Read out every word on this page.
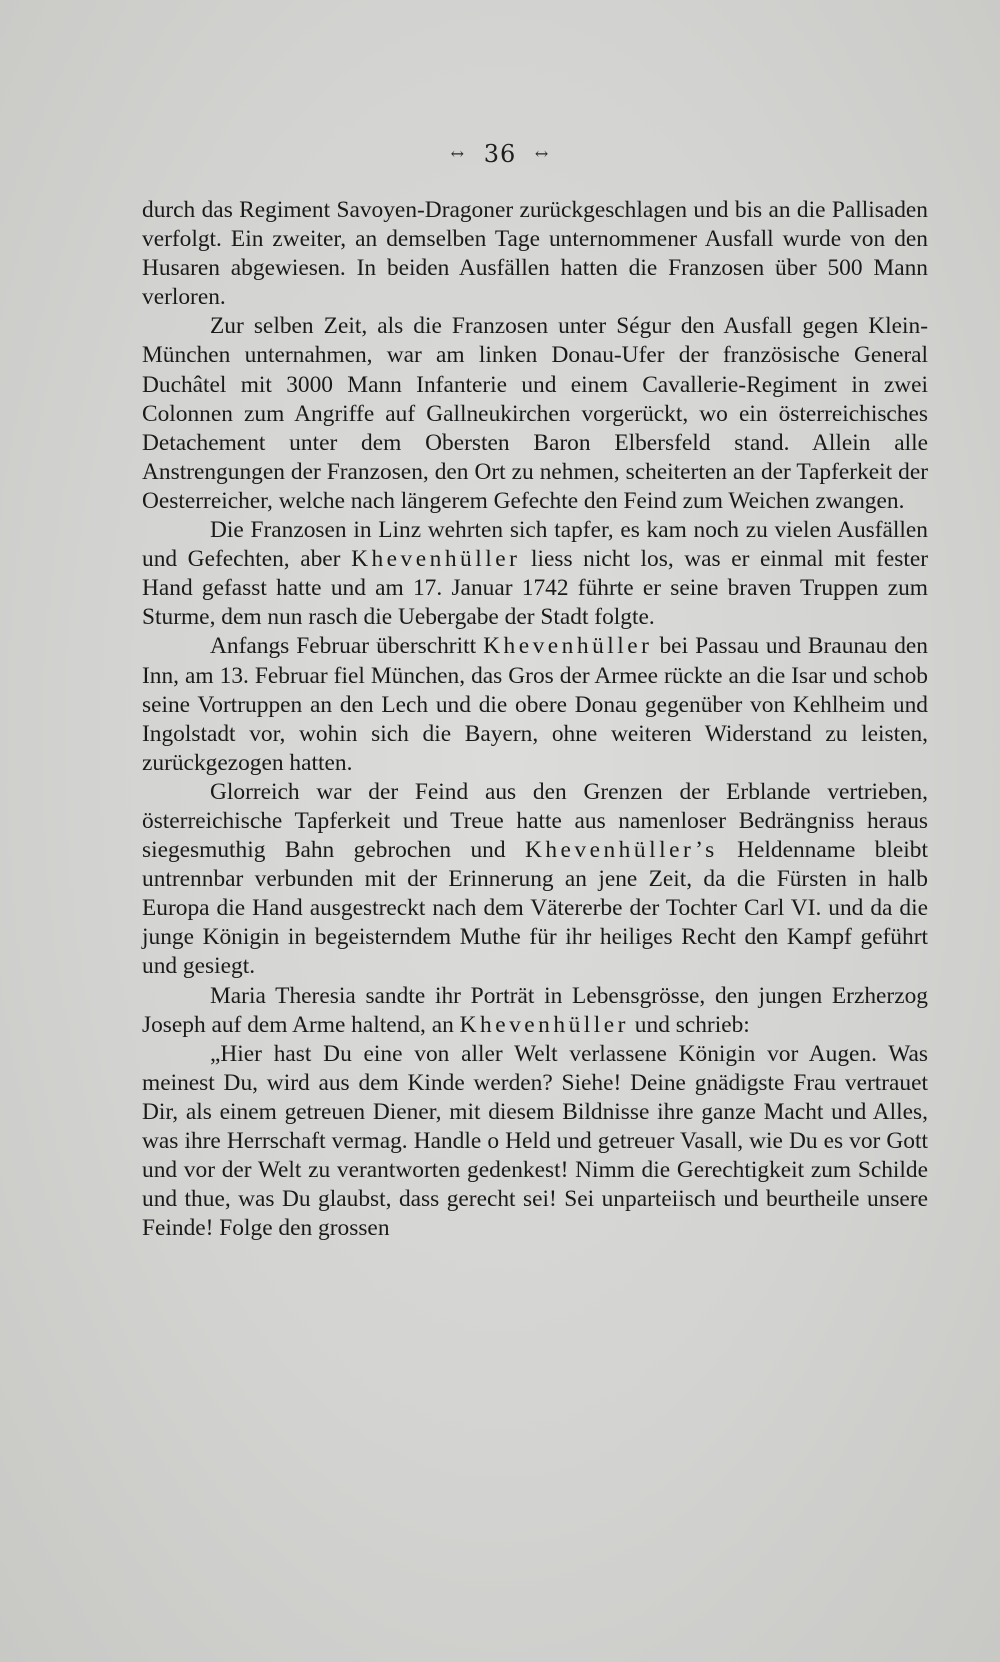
↔ 36 ↔

durch das Regiment Savoyen-Dragoner zurückgeschlagen und bis an die Pallisaden verfolgt. Ein zweiter, an demselben Tage unternommener Ausfall wurde von den Husaren abgewiesen. In beiden Ausfällen hatten die Franzosen über 500 Mann verloren.

Zur selben Zeit, als die Franzosen unter Ségur den Ausfall gegen Klein-München unternahmen, war am linken Donau-Ufer der französische General Duchâtel mit 3000 Mann Infanterie und einem Cavallerie-Regiment in zwei Colonnen zum Angriffe auf Gallneukirchen vorgerückt, wo ein österreichisches Detachement unter dem Obersten Baron Elbersfeld stand. Allein alle Anstrengungen der Franzosen, den Ort zu nehmen, scheiterten an der Tapferkeit der Oesterreicher, welche nach längerem Gefechte den Feind zum Weichen zwangen.

Die Franzosen in Linz wehrten sich tapfer, es kam noch zu vielen Ausfällen und Gefechten, aber Khevenhüller liess nicht los, was er einmal mit fester Hand gefasst hatte und am 17. Januar 1742 führte er seine braven Truppen zum Sturme, dem nun rasch die Uebergabe der Stadt folgte.

Anfangs Februar überschritt Khevenhüller bei Passau und Braunau den Inn, am 13. Februar fiel München, das Gros der Armee rückte an die Isar und schob seine Vortruppen an den Lech und die obere Donau gegenüber von Kehlheim und Ingolstadt vor, wohin sich die Bayern, ohne weiteren Widerstand zu leisten, zurückgezogen hatten.

Glorreich war der Feind aus den Grenzen der Erblande vertrieben, österreichische Tapferkeit und Treue hatte aus namenloser Bedrängniss heraus siegesmuthig Bahn gebrochen und Khevenhüller’s Heldenname bleibt untrennbar verbunden mit der Erinnerung an jene Zeit, da die Fürsten in halb Europa die Hand ausgestreckt nach dem Vätererbe der Tochter Carl VI. und da die junge Königin in begeisterndem Muthe für ihr heiliges Recht den Kampf geführt und gesiegt.

Maria Theresia sandte ihr Porträt in Lebensgrösse, den jungen Erzherzog Joseph auf dem Arme haltend, an Khevenhüller und schrieb:

„Hier hast Du eine von aller Welt verlassene Königin vor Augen. Was meinest Du, wird aus dem Kinde werden? Siehe! Deine gnädigste Frau vertrauet Dir, als einem getreuen Diener, mit diesem Bildnisse ihre ganze Macht und Alles, was ihre Herrschaft vermag. Handle o Held und getreuer Vasall, wie Du es vor Gott und vor der Welt zu verantworten gedenkest! Nimm die Gerechtigkeit zum Schilde und thue, was Du glaubst, dass gerecht sei! Sei unparteiisch und beurtheile unsere Feinde! Folge den grossen
